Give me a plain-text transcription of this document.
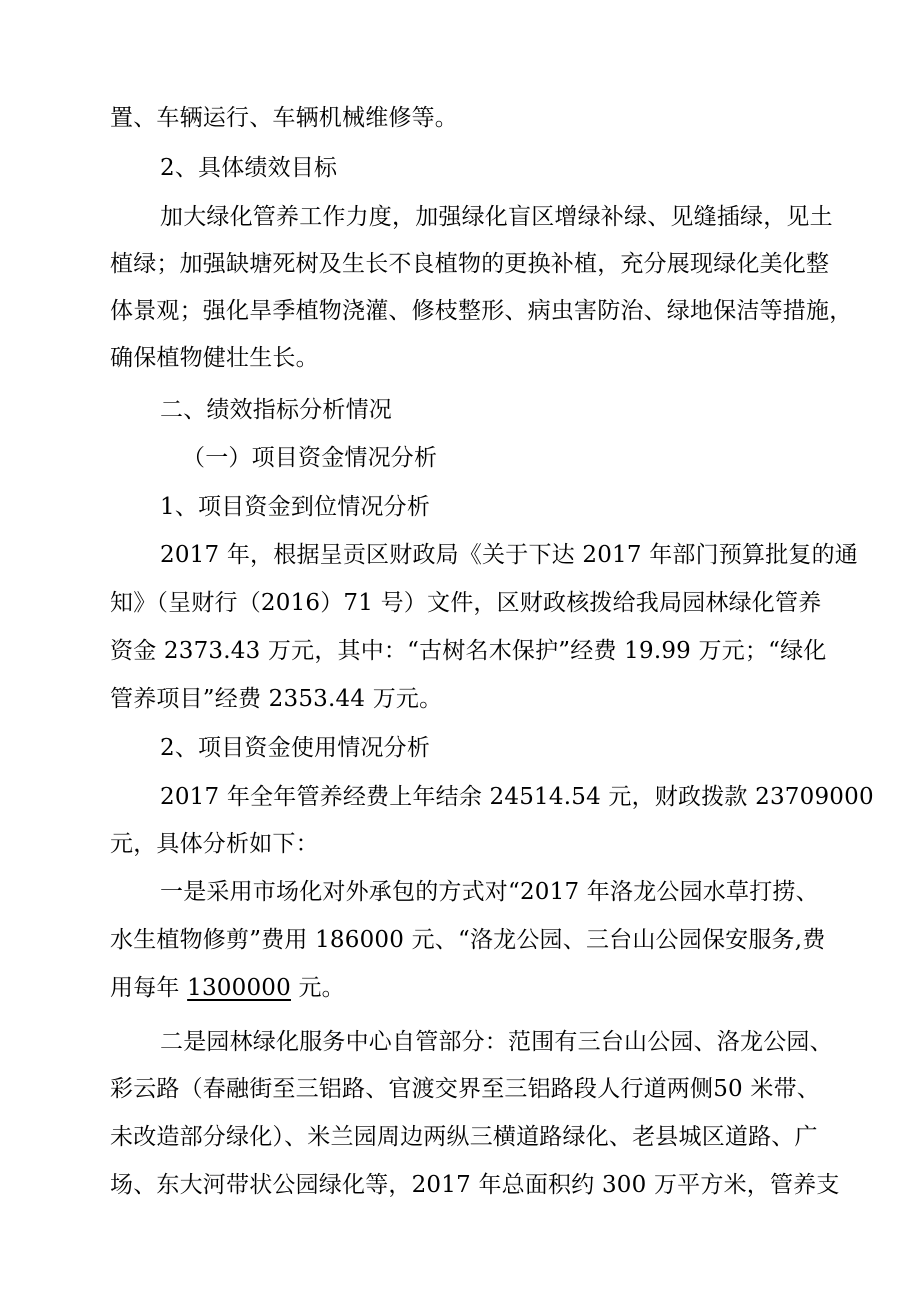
置、车辆运行、车辆机械维修等。
2、具体绩效目标
加大绿化管养工作力度，加强绿化盲区增绿补绿、见缝插绿，见土
植绿；加强缺塘死树及生长不良植物的更换补植，充分展现绿化美化整
体景观；强化旱季植物浇灌、修枝整形、病虫害防治、绿地保洁等措施，
确保植物健壮生长。
二、绩效指标分析情况
（一）项目资金情况分析
1、项目资金到位情况分析
2017 年，根据呈贡区财政局《关于下达 2017 年部门预算批复的通
知》（呈财行（2016）71 号）文件，区财政核拨给我局园林绿化管养
资金 2373.43 万元，其中：“古树名木保护”经费 19.99 万元；“绿化
管养项目”经费 2353.44 万元。
2、项目资金使用情况分析
2017 年全年管养经费上年结余 24514.54 元，财政拨款 23709000
元，具体分析如下：
一是采用市场化对外承包的方式对“2017 年洛龙公园水草打捞、
水生植物修剪”费用 186000 元、“洛龙公园、三台山公园保安服务,费
用每年 1300000 元。
二是园林绿化服务中心自管部分：范围有三台山公园、洛龙公园、
彩云路（春融街至三铝路、官渡交界至三铝路段人行道两侧50 米带、
未改造部分绿化）、米兰园周边两纵三横道路绿化、老县城区道路、广
场、东大河带状公园绿化等，2017 年总面积约 300 万平方米，管养支
